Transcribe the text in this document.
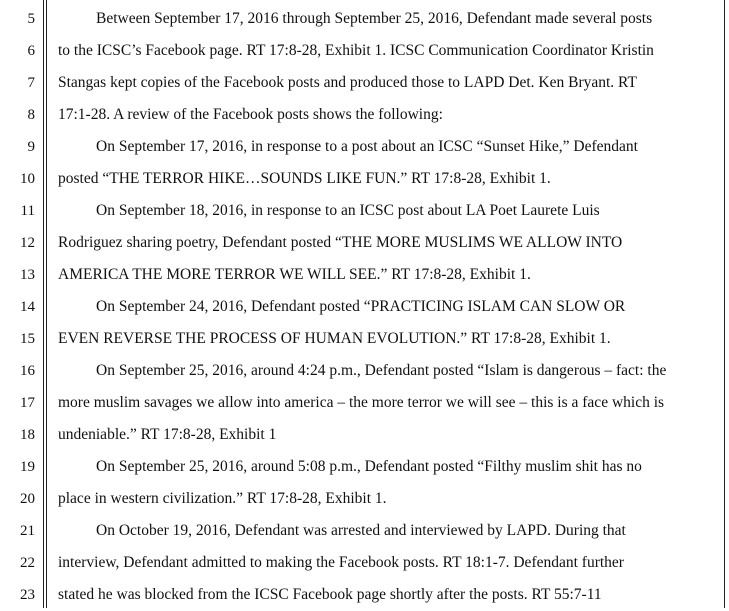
5	Between September 17, 2016 through September 25, 2016, Defendant made several posts
6 to the ICSC’s Facebook page. RT 17:8-28, Exhibit 1. ICSC Communication Coordinator Kristin
7 Stangas kept copies of the Facebook posts and produced those to LAPD Det. Ken Bryant. RT
8 17:1-28. A review of the Facebook posts shows the following:
9	On September 17, 2016, in response to a post about an ICSC “Sunset Hike,” Defendant
10 posted “THE TERROR HIKE…SOUNDS LIKE FUN.” RT 17:8-28, Exhibit 1.
11	On September 18, 2016, in response to an ICSC post about LA Poet Laurete Luis
12 Rodriguez sharing poetry, Defendant posted “THE MORE MUSLIMS WE ALLOW INTO
13 AMERICA THE MORE TERROR WE WILL SEE.” RT 17:8-28, Exhibit 1.
14	On September 24, 2016, Defendant posted “PRACTICING ISLAM CAN SLOW OR
15 EVEN REVERSE THE PROCESS OF HUMAN EVOLUTION.” RT 17:8-28, Exhibit 1.
16	On September 25, 2016, around 4:24 p.m., Defendant posted “Islam is dangerous – fact: the
17 more muslim savages we allow into america – the more terror we will see – this is a face which is
18 undeniable.” RT 17:8-28, Exhibit 1
19	On September 25, 2016, around 5:08 p.m., Defendant posted “Filthy muslim shit has no
20 place in western civilization.” RT 17:8-28, Exhibit 1.
21	On October 19, 2016, Defendant was arrested and interviewed by LAPD. During that
22 interview, Defendant admitted to making the Facebook posts. RT 18:1-7. Defendant further
23 stated he was blocked from the ICSC Facebook page shortly after the posts. RT 55:7-11
